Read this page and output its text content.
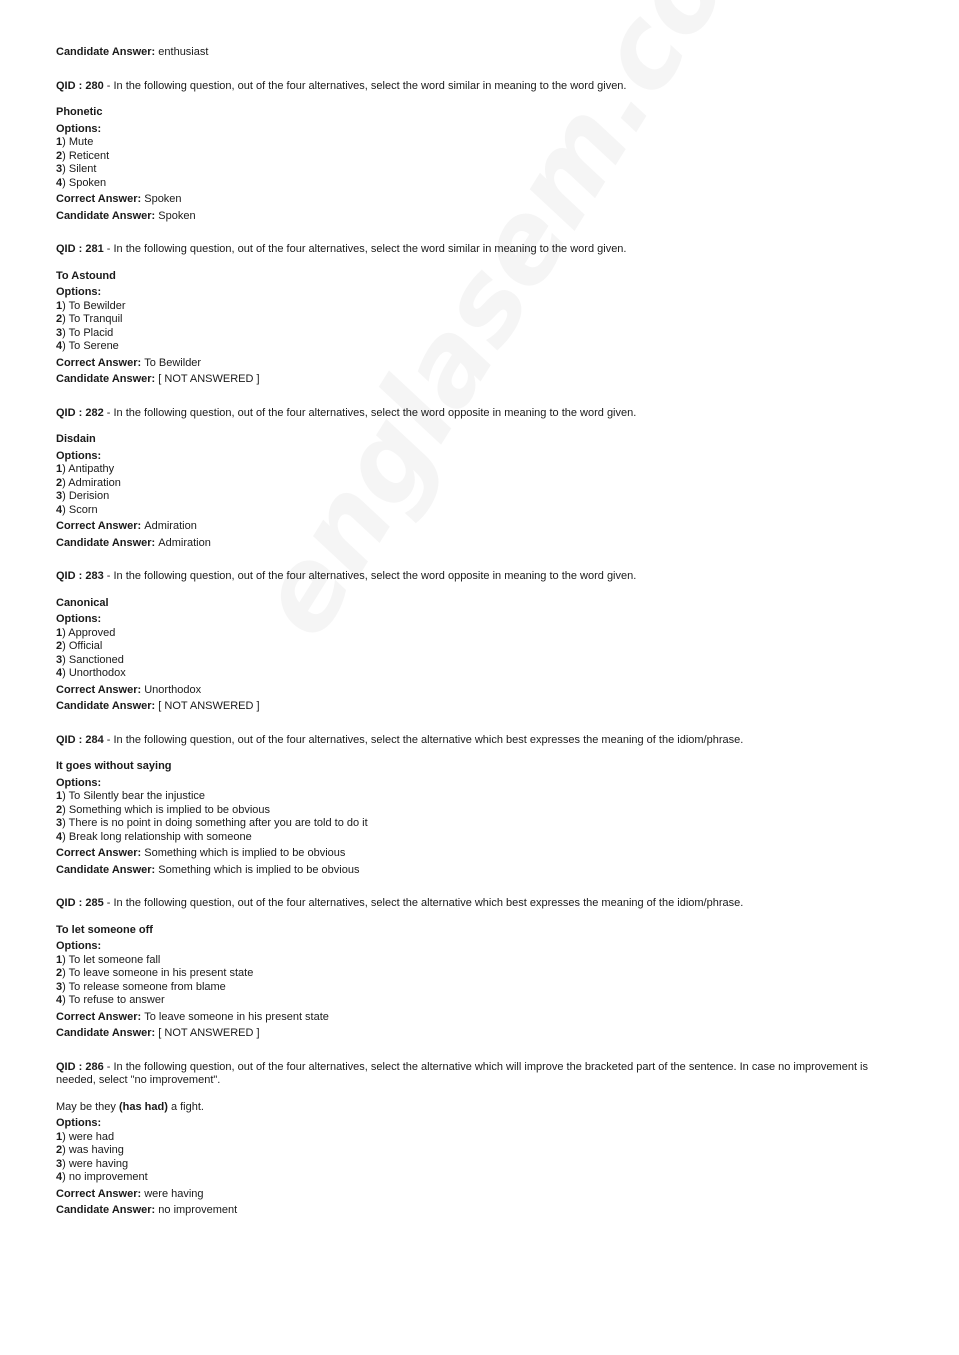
Candidate Answer: enthusiast
QID : 280 - In the following question, out of the four alternatives, select the word similar in meaning to the word given.
Phonetic
Options:
1) Mute
2) Reticent
3) Silent
4) Spoken
Correct Answer: Spoken
Candidate Answer: Spoken
QID : 281 - In the following question, out of the four alternatives, select the word similar in meaning to the word given.
To Astound
Options:
1) To Bewilder
2) To Tranquil
3) To Placid
4) To Serene
Correct Answer: To Bewilder
Candidate Answer: [ NOT ANSWERED ]
QID : 282 - In the following question, out of the four alternatives, select the word opposite in meaning to the word given.
Disdain
Options:
1) Antipathy
2) Admiration
3) Derision
4) Scorn
Correct Answer: Admiration
Candidate Answer: Admiration
QID : 283 - In the following question, out of the four alternatives, select the word opposite in meaning to the word given.
Canonical
Options:
1) Approved
2) Official
3) Sanctioned
4) Unorthodox
Correct Answer: Unorthodox
Candidate Answer: [ NOT ANSWERED ]
QID : 284 - In the following question, out of the four alternatives, select the alternative which best expresses the meaning of the idiom/phrase.
It goes without saying
Options:
1) To Silently bear the injustice
2) Something which is implied to be obvious
3) There is no point in doing something after you are told to do it
4) Break long relationship with someone
Correct Answer: Something which is implied to be obvious
Candidate Answer: Something which is implied to be obvious
QID : 285 - In the following question, out of the four alternatives, select the alternative which best expresses the meaning of the idiom/phrase.
To let someone off
Options:
1) To let someone fall
2) To leave someone in his present state
3) To release someone from blame
4) To refuse to answer
Correct Answer: To leave someone in his present state
Candidate Answer: [ NOT ANSWERED ]
QID : 286 - In the following question, out of the four alternatives, select the alternative which will improve the bracketed part of the sentence. In case no improvement is needed, select "no improvement".
May be they (has had) a fight.
Options:
1) were had
2) was having
3) were having
4) no improvement
Correct Answer: were having
Candidate Answer: no improvement
